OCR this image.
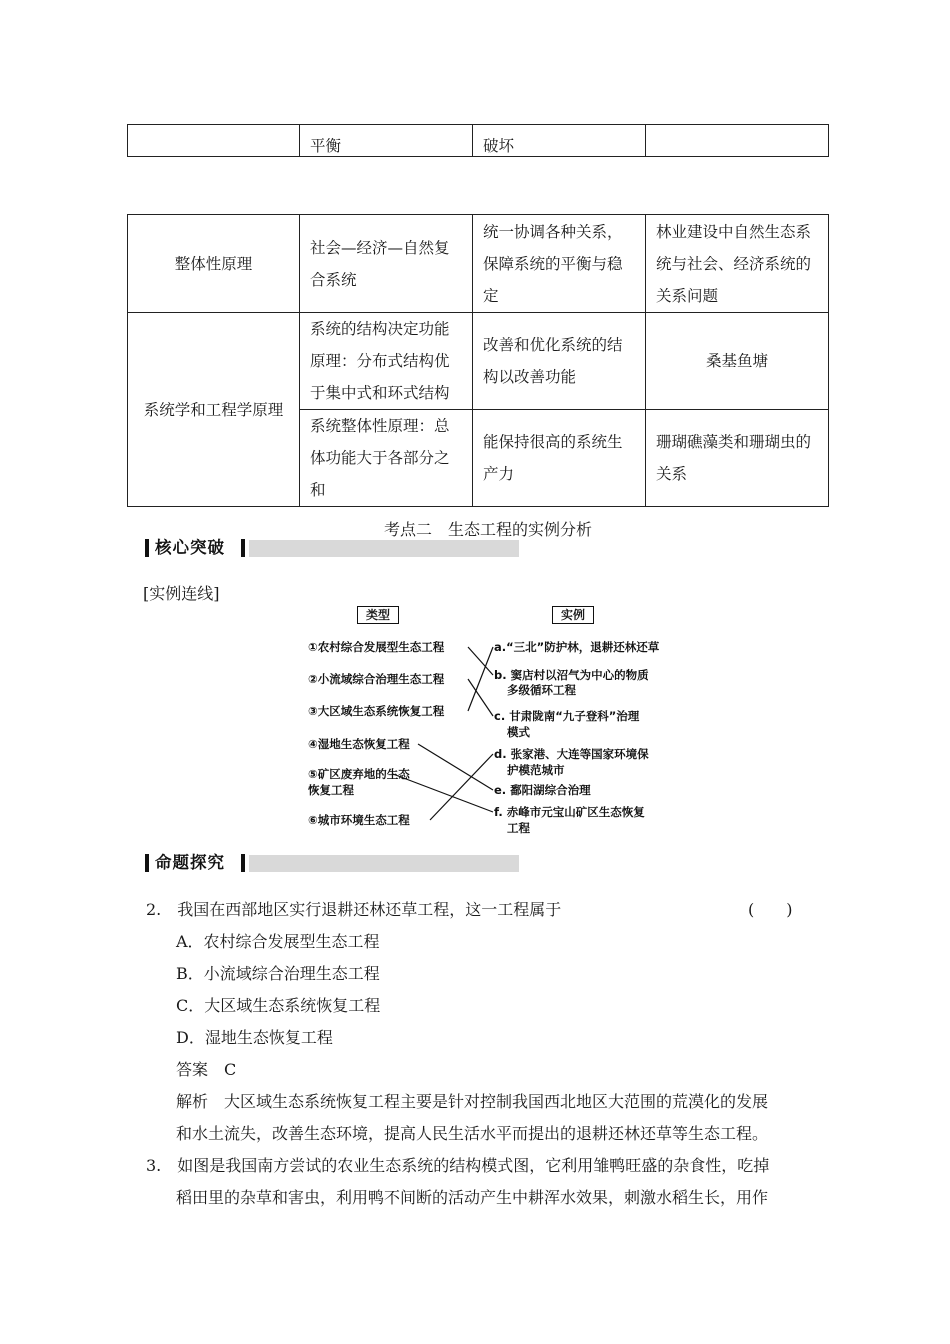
	平衡	破坏	
整体性原理	社会—经济—自然复合系统	统一协调各种关系，保障系统的平衡与稳定	林业建设中自然生态系统与社会、经济系统的关系问题
系统学和工程学原理	系统的结构决定功能原理：分布式结构优于集中式和环式结构	改善和优化系统的结构以改善功能	桑基鱼塘
	系统整体性原理：总体功能大于各部分之和	能保持很高的系统生产力	珊瑚礁藻类和珊瑚虫的关系
考点二　生态工程的实例分析
核心突破
[实例连线]
类型	实例
①农村综合发展型生态工程
②小流域综合治理生态工程
③大区域生态系统恢复工程
④湿地生态恢复工程
⑤矿区废弃地的生态
恢复工程
⑥城市环境生态工程
a.“三北”防护林，退耕还林还草
b. 窦店村以沼气为中心的物质
多级循环工程
c. 甘肃陇南“九子登科”治理
模式
d. 张家港、大连等国家环境保
护模范城市
e. 鄱阳湖综合治理
f. 赤峰市元宝山矿区生态恢复
工程
命题探究
2.　我国在西部地区实行退耕还林还草工程，这一工程属于	(　　)
A．农村综合发展型生态工程
B．小流域综合治理生态工程
C．大区域生态系统恢复工程
D．湿地生态恢复工程
答案　C
解析　大区域生态系统恢复工程主要是针对控制我国西北地区大范围的荒漠化的发展
和水土流失，改善生态环境，提高人民生活水平而提出的退耕还林还草等生态工程。
3.　如图是我国南方尝试的农业生态系统的结构模式图，它利用雏鸭旺盛的杂食性，吃掉
稻田里的杂草和害虫，利用鸭不间断的活动产生中耕浑水效果，刺激水稻生长，用作
